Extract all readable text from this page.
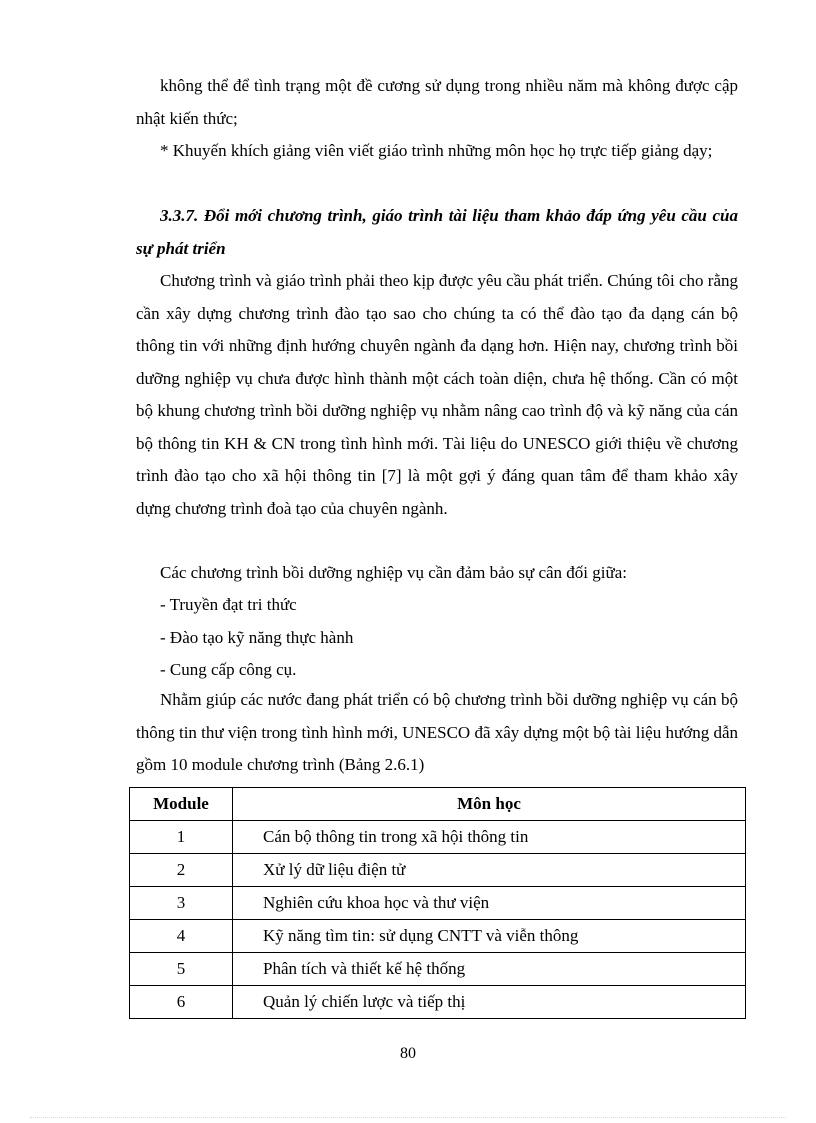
không thể để tình trạng một đề cương sử dụng trong nhiều năm mà không được cập nhật kiến thức;

* Khuyến khích giảng viên viết giáo trình những môn học họ trực tiếp giảng dạy;

3.3.7. Đổi mới chương trình, giáo trình tài liệu tham khảo đáp ứng yêu cầu của sự phát triển

Chương trình và giáo trình phải theo kịp được yêu cầu phát triển. Chúng tôi cho rằng cần xây dựng chương trình đào tạo sao cho chúng ta có thể đào tạo đa dạng cán bộ thông tin với những định hướng chuyên ngành đa dạng hơn. Hiện nay, chương trình bồi dưỡng nghiệp vụ chưa được hình thành một cách toàn diện, chưa hệ thống. Cần có một bộ khung chương trình bồi dưỡng nghiệp vụ nhằm nâng cao trình độ và kỹ năng của cán bộ thông tin KH & CN trong tình hình mới. Tài liệu do UNESCO giới thiệu về chương trình đào tạo cho xã hội thông tin [7] là một gợi ý đáng quan tâm để tham khảo xây dựng chương trình đoà tạo của chuyên ngành.

Các chương trình bồi dưỡng nghiệp vụ cần đảm bảo sự cân đối giữa:

- Truyền đạt tri thức
- Đào tạo kỹ năng thực hành
- Cung cấp công cụ.

Nhằm giúp các nước đang phát triển có bộ chương trình bồi dưỡng nghiệp vụ cán bộ thông tin thư viện trong tình hình mới, UNESCO đã xây dựng một bộ tài liệu hướng dẫn gồm 10 module chương trình (Bảng 2.6.1)

Module	Môn học
1	Cán bộ thông tin trong xã hội thông tin
2	Xử lý dữ liệu điện tử
3	Nghiên cứu khoa học và thư viện
4	Kỹ năng tìm tin: sử dụng CNTT và viễn thông
5	Phân tích và thiết kế hệ thống
6	Quản lý chiến lược và tiếp thị
80
